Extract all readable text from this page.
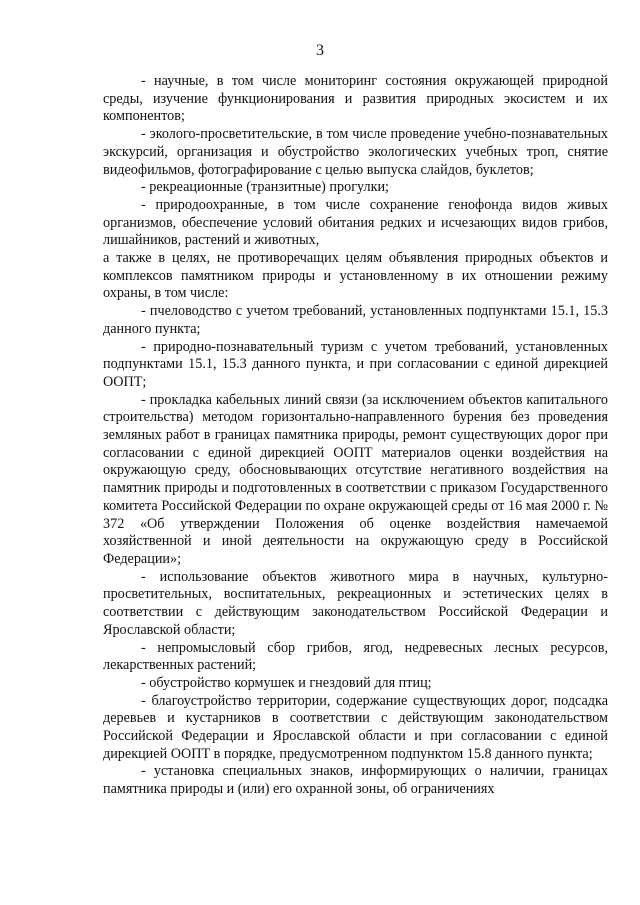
3

- научные, в том числе мониторинг состояния окружающей природной среды, изучение функционирования и развития природных экосистем и их компонентов;

- эколого-просветительские, в том числе проведение учебно-познавательных экскурсий, организация и обустройство экологических учебных троп, снятие видеофильмов, фотографирование с целью выпуска слайдов, буклетов;

- рекреационные (транзитные) прогулки;

- природоохранные, в том числе сохранение генофонда видов живых организмов, обеспечение условий обитания редких и исчезающих видов грибов, лишайников, растений и животных,

а также в целях, не противоречащих целям объявления природных объектов и комплексов памятником природы и установленному в их отношении режиму охраны, в том числе:

- пчеловодство с учетом требований, установленных подпунктами 15.1, 15.3 данного пункта;

- природно-познавательный туризм с учетом требований, установленных подпунктами 15.1, 15.3 данного пункта, и при согласовании с единой дирекцией ООПТ;

- прокладка кабельных линий связи (за исключением объектов капитального строительства) методом горизонтально-направленного бурения без проведения земляных работ в границах памятника природы, ремонт существующих дорог при согласовании с единой дирекцией ООПТ материалов оценки воздействия на окружающую среду, обосновывающих отсутствие негативного воздействия на памятник природы и подготовленных в соответствии с приказом Государственного комитета Российской Федерации по охране окружающей среды от 16 мая 2000 г. № 372 «Об утверждении Положения об оценке воздействия намечаемой хозяйственной и иной деятельности на окружающую среду в Российской Федерации»;

- использование объектов животного мира в научных, культурно-просветительных, воспитательных, рекреационных и эстетических целях в соответствии с действующим законодательством Российской Федерации и Ярославской области;

- непромысловый сбор грибов, ягод, недревесных лесных ресурсов, лекарственных растений;

- обустройство кормушек и гнездовий для птиц;

- благоустройство территории, содержание существующих дорог, подсадка деревьев и кустарников в соответствии с действующим законодательством Российской Федерации и Ярославской области и при согласовании с единой дирекцией ООПТ в порядке, предусмотренном подпунктом 15.8 данного пункта;

- установка специальных знаков, информирующих о наличии, границах памятника природы и (или) его охранной зоны, об ограничениях
